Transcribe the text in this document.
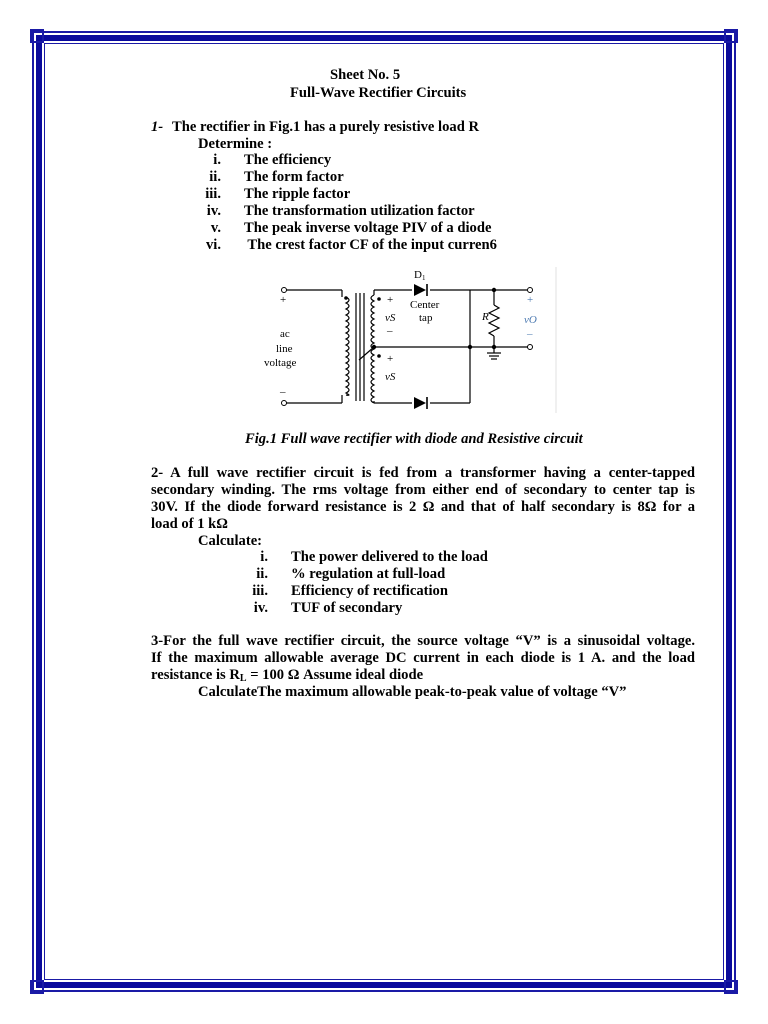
Sheet No. 5
Full-Wave Rectifier Circuits
1- The rectifier in Fig.1 has a purely resistive load R
Determine :
i. The efficiency
ii. The form factor
iii. The ripple factor
iv. The transformation utilization factor
v. The peak inverse voltage PIV of a diode
vi. The crest factor CF of the input curren6
D1
Center
tap
vS
vS
+
–
+
+
–
ac
line
voltage
R
+
vO
–
Fig.1 Full wave rectifier with diode and Resistive circuit
2- A full wave rectifier circuit is fed from a transformer having a center-tapped
secondary winding. The rms voltage from either end of secondary to center tap is
30V. If the diode forward resistance is 2 Ω and that of half secondary is 8Ω for a
load of 1 kΩ
Calculate:
i. The power delivered to the load
ii. % regulation at full-load
iii. Efficiency of rectification
iv. TUF of secondary
3-For the full wave rectifier circuit, the source voltage “V” is a sinusoidal voltage.
If the maximum allowable average DC current in each diode is 1 A. and the load
resistance is RL = 100 Ω Assume ideal diode
CalculateThe maximum allowable peak-to-peak value of voltage “V”
